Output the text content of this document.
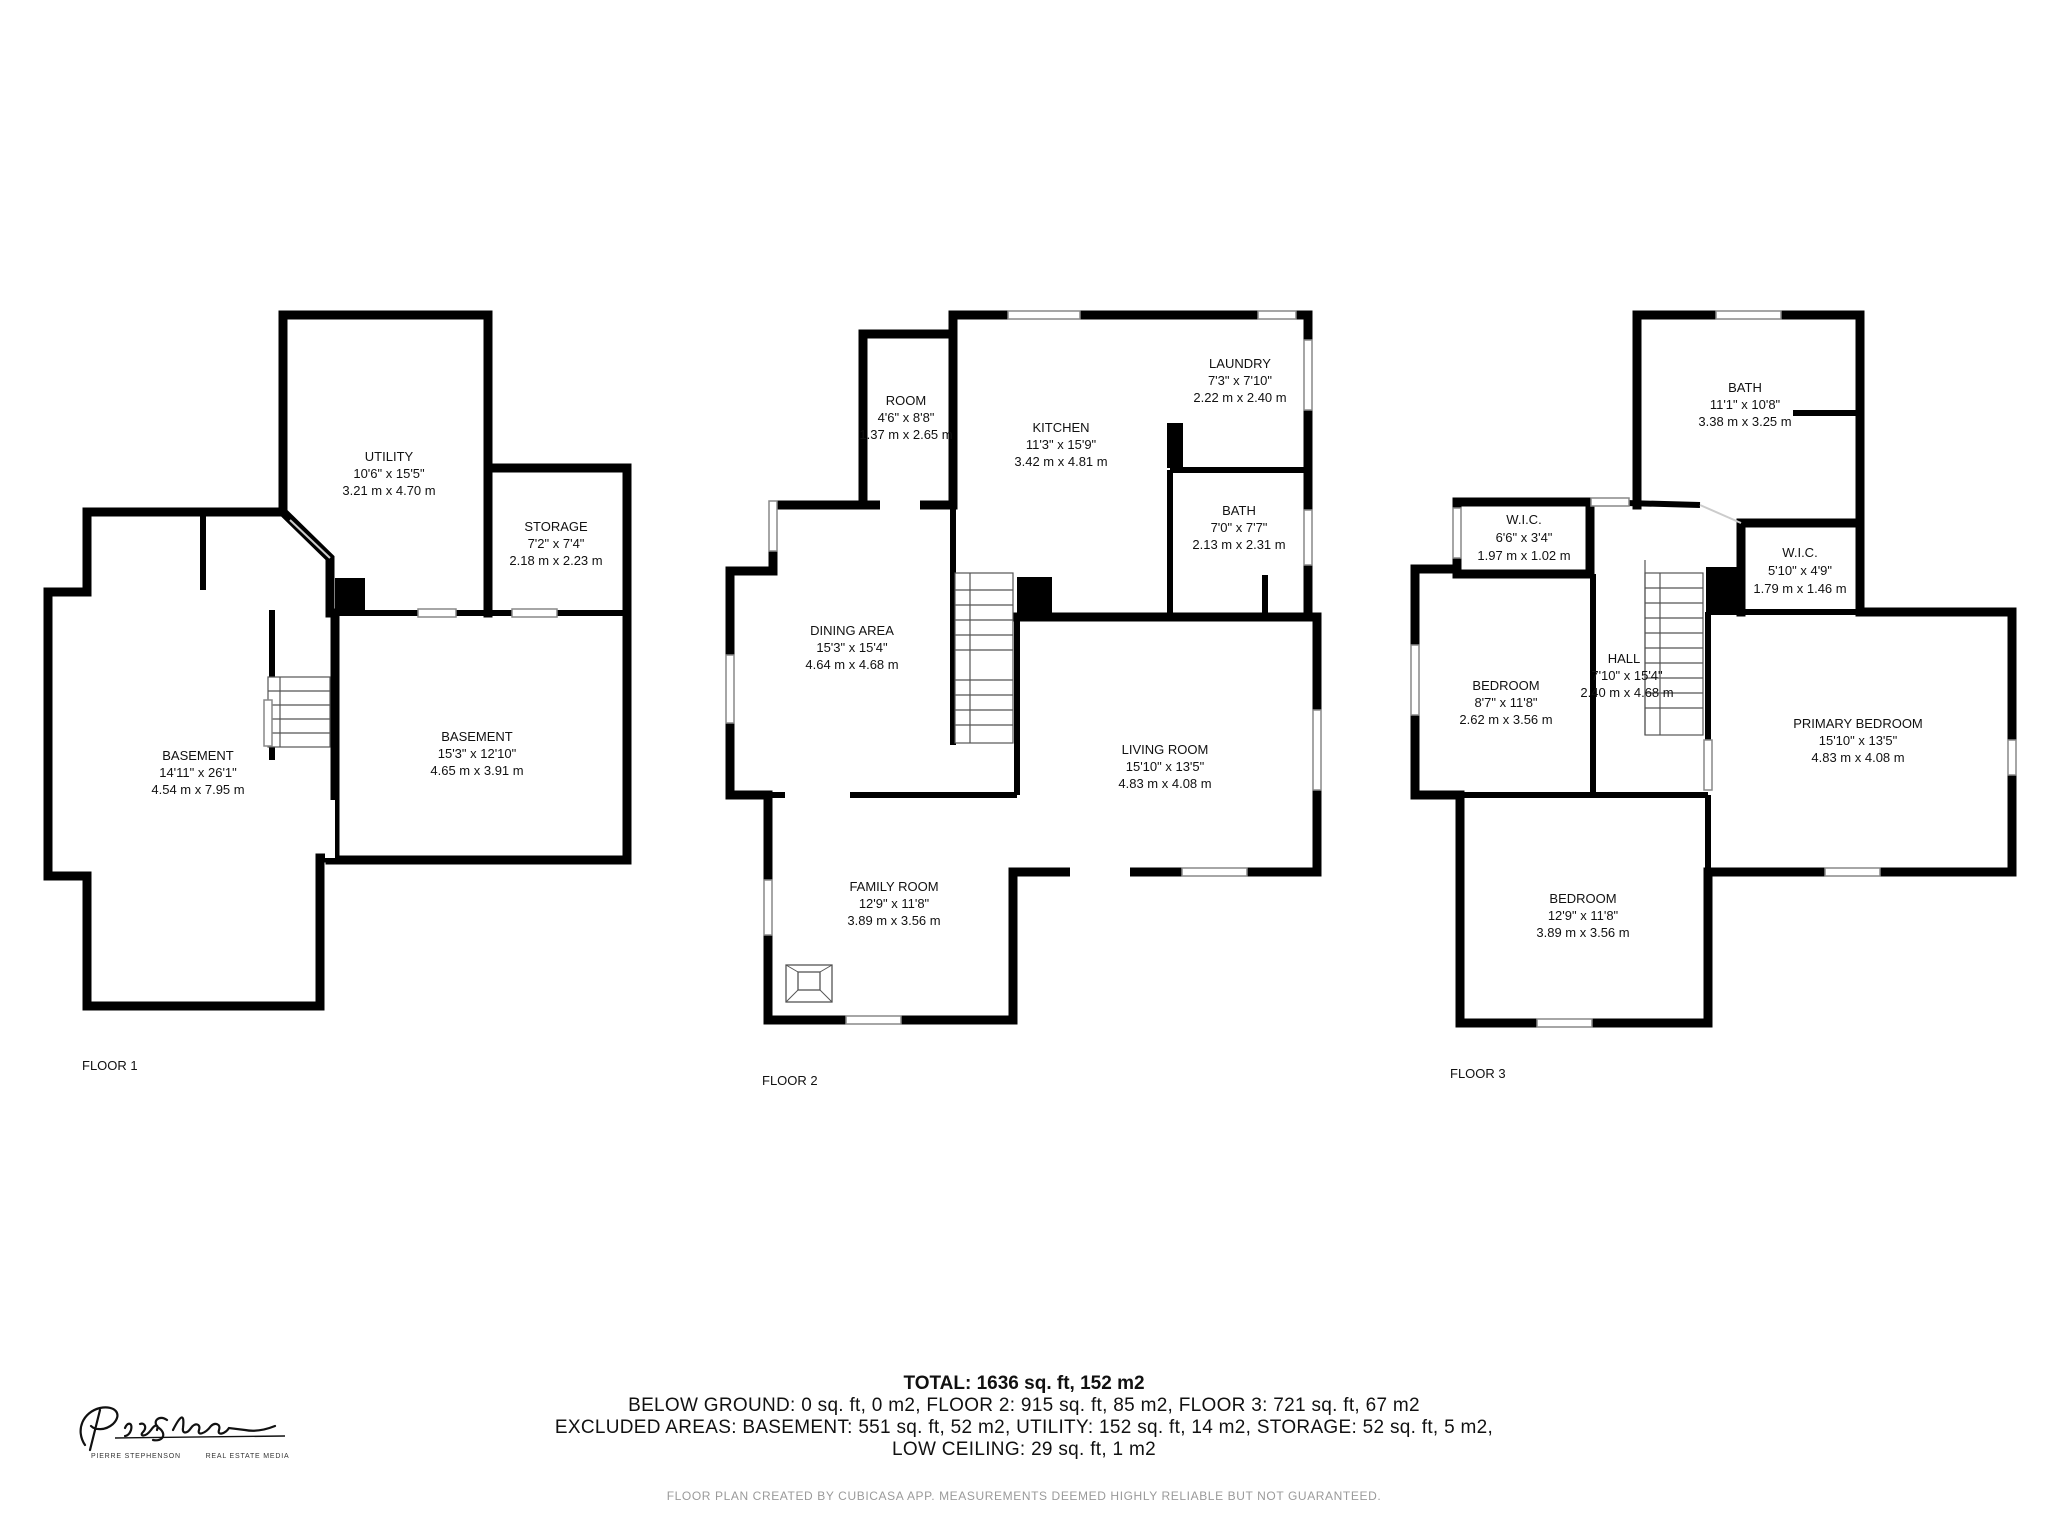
BASEMENT
14'11" x 26'1"
4.54 m x 7.95 m
UTILITY
10'6" x 15'5"
3.21 m x 4.70 m
STORAGE
7'2" x 7'4"
2.18 m x 2.23 m
BASEMENT
15'3" x 12'10"
4.65 m x 3.91 m
FLOOR 1
ROOM
4'6" x 8'8"
1.37 m x 2.65 m	KITCHEN
11'3" x 15'9"
3.42 m x 4.81 m
LAUNDRY
7'3" x 7'10"
2.22 m x 2.40 m
BATH
7'0" x 7'7"
2.13 m x 2.31 m
DINING AREA
15'3" x 15'4"
4.64 m x 4.68 m
LIVING ROOM
15'10" x 13'5"
4.83 m x 4.08 m
FAMILY ROOM
12'9" x 11'8"
3.89 m x 3.56 m
FLOOR 2
BATH
11'1" x 10'8"
3.38 m x 3.25 m
W.I.C.
6'6" x 3'4"
1.97 m x 1.02 m	W.I.C.
5'10" x 4'9"
1.79 m x 1.46 m
HALL
7'10" x 15'4"
2.40 m x 4.68 m
BEDROOM
8'7" x 11'8"
2.62 m x 3.56 m	PRIMARY BEDROOM
15'10" x 13'5"
4.83 m x 4.08 m
BEDROOM
12'9" x 11'8"
3.89 m x 3.56 m
FLOOR 3
TOTAL: 1636 sq. ft, 152 m2
BELOW GROUND: 0 sq. ft, 0 m2, FLOOR 2: 915 sq. ft, 85 m2, FLOOR 3: 721 sq. ft, 67 m2
EXCLUDED AREAS: BASEMENT: 551 sq. ft, 52 m2, UTILITY: 152 sq. ft, 14 m2, STORAGE: 52 sq. ft, 5 m2,
LOW CEILING: 29 sq. ft, 1 m2
FLOOR PLAN CREATED BY CUBICASA APP. MEASUREMENTS DEEMED HIGHLY RELIABLE BUT NOT GUARANTEED.
PIERRE STEPHENSON	REAL ESTATE MEDIA
